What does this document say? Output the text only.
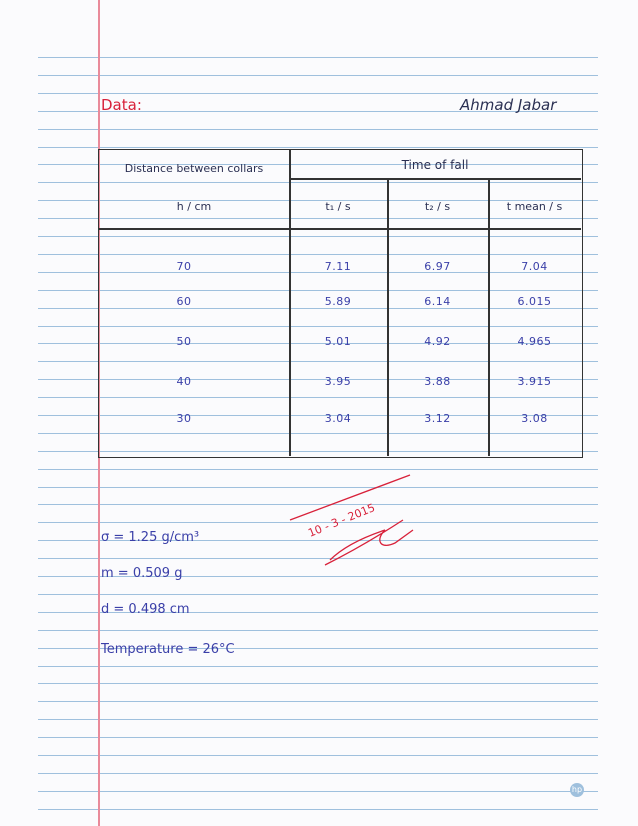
Data:	Ahmad Jabar
Distance between collars	Time of fall
h / cm	t₁ / s	t₂ / s	t mean / s
70	7.11	6.97	7.04
60	5.89	6.14	6.015
50	5.01	4.92	4.965
40	3.95	3.88	3.915
30	3.04	3.12	3.08
σ = 1.25 g/cm³
m = 0.509 g
d = 0.498 cm
Temperature = 26°C
10 - 3 - 2015
hp
